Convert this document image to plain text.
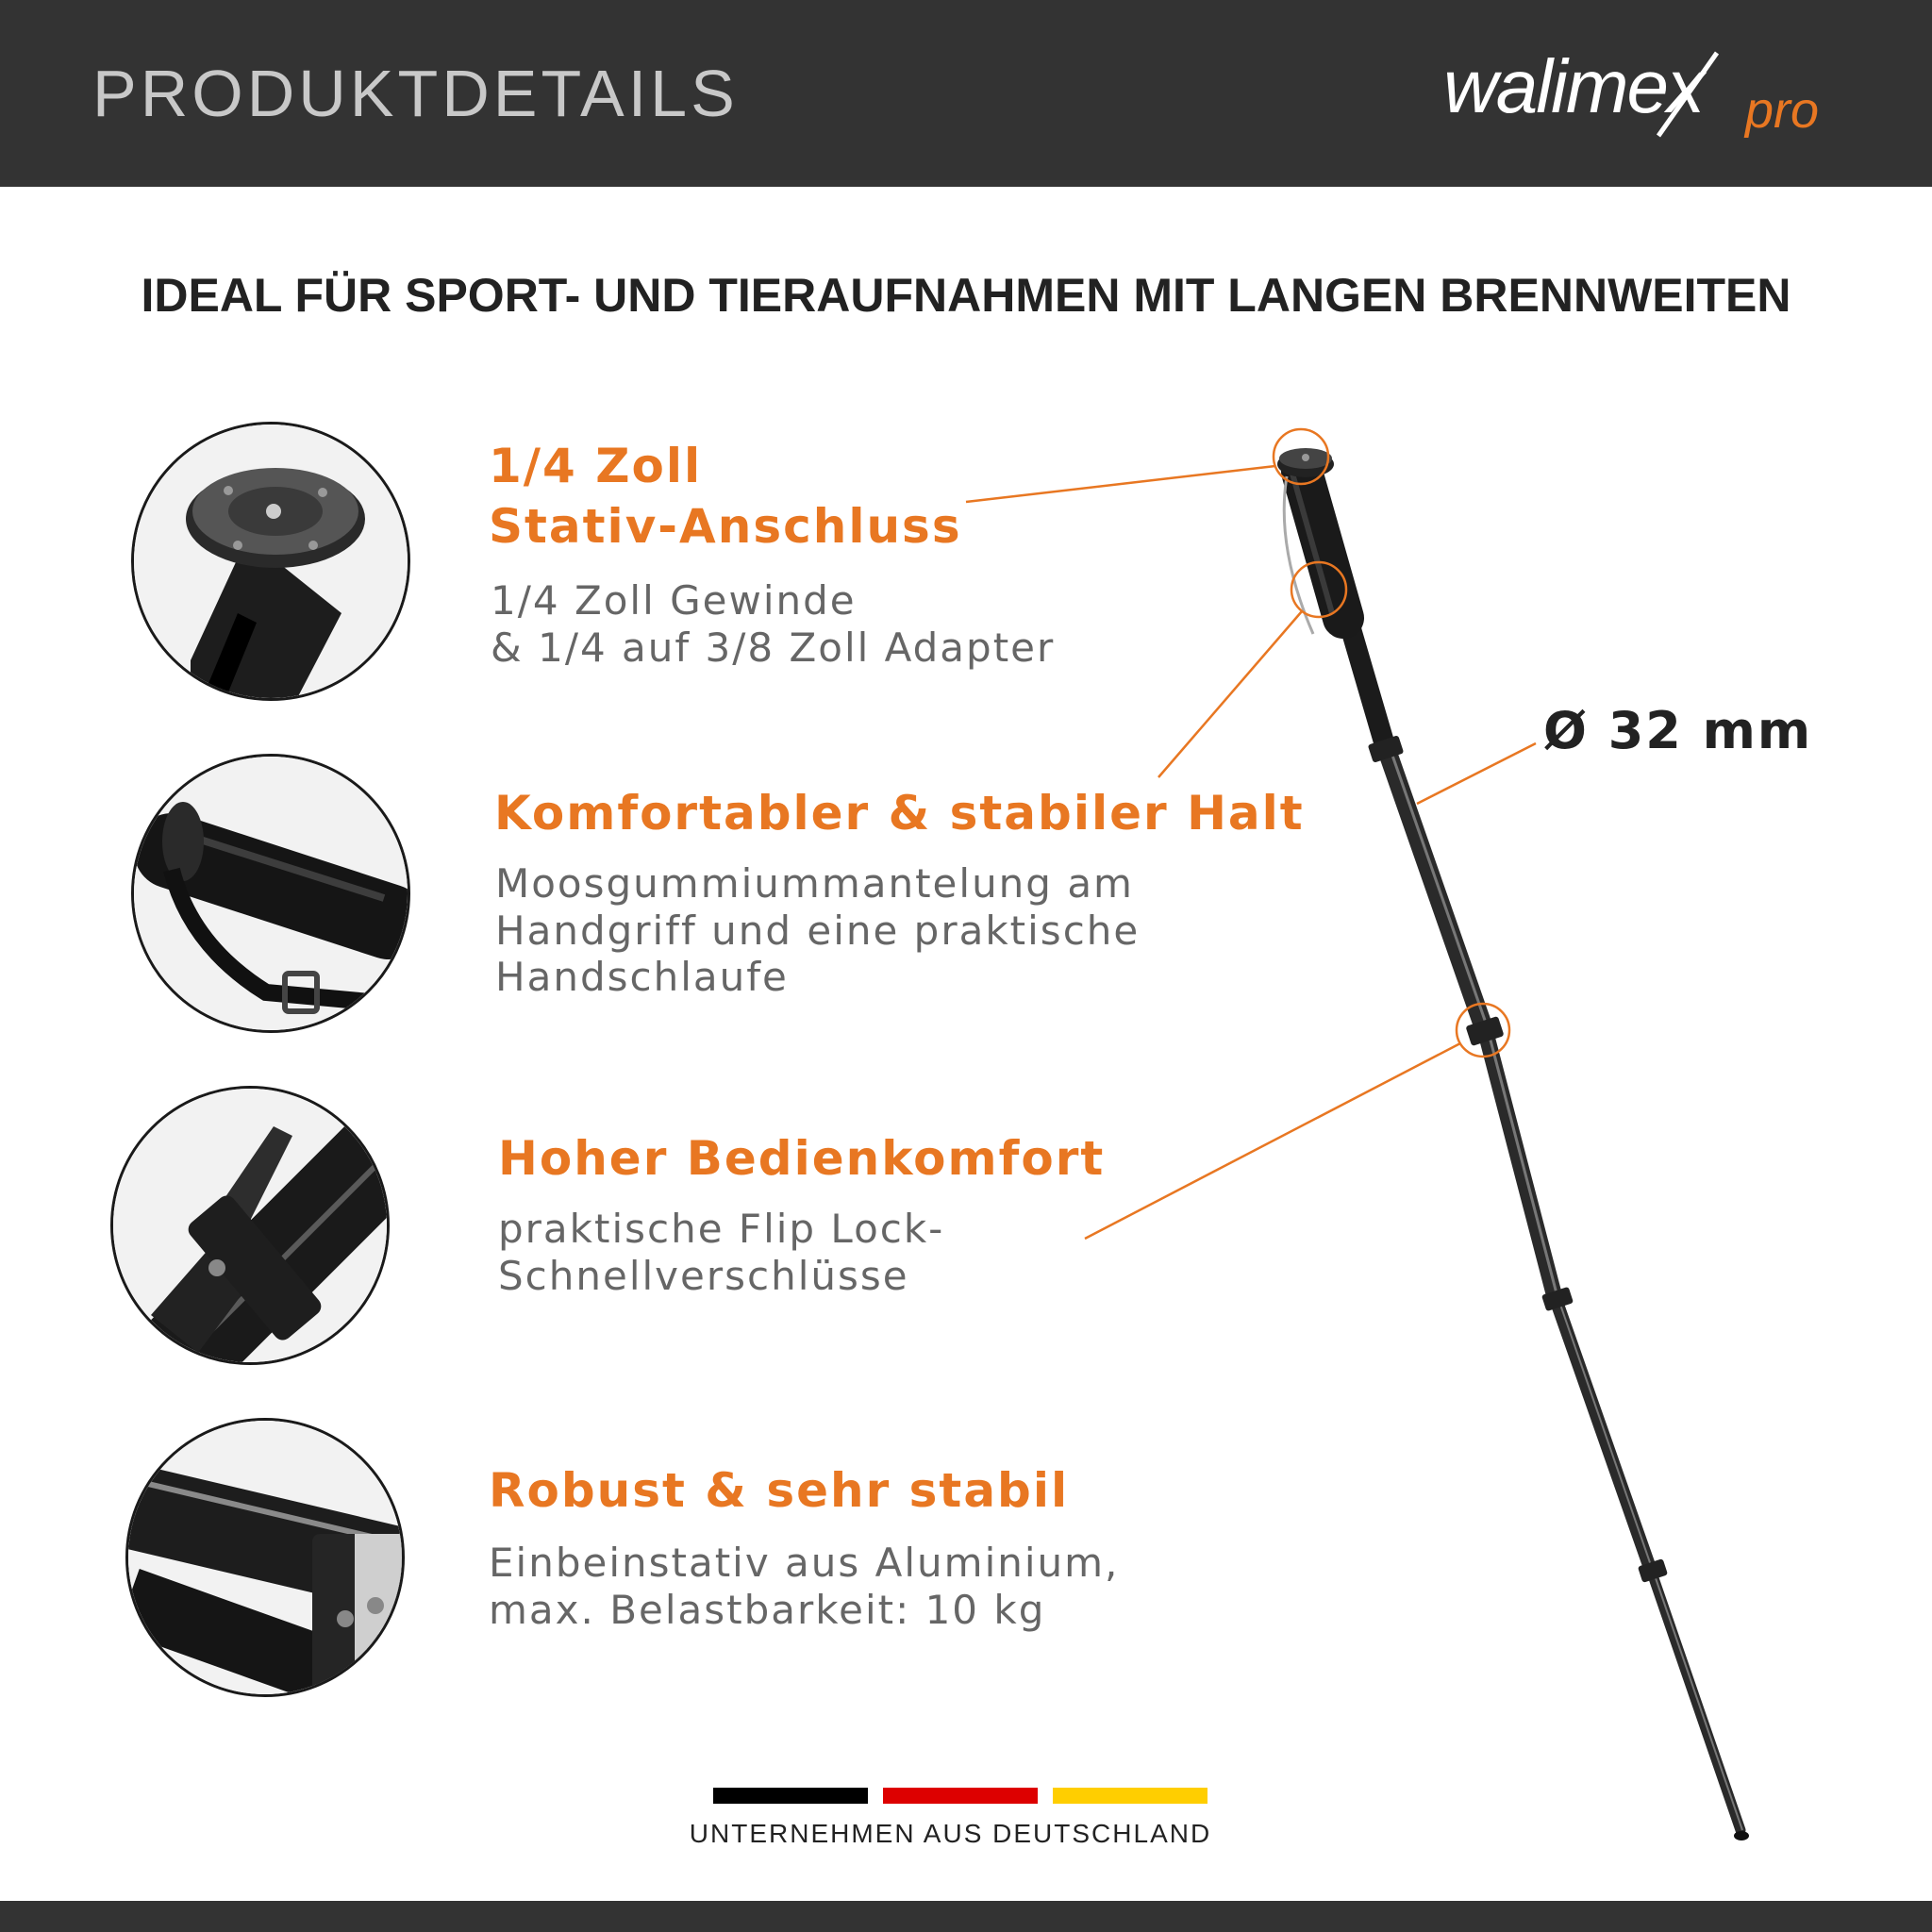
PRODUKTDETAILS	walimex pro
IDEAL FÜR SPORT- UND TIERAUFNAHMEN MIT LANGEN BRENNWEITEN
1/4 Zoll
Stativ-Anschluss
1/4 Zoll Gewinde
& 1/4 auf 3/8 Zoll Adapter
Komfortabler & stabiler Halt
Moosgummiummantelung am
Handgriff und eine praktische
Handschlaufe
Hoher Bedienkomfort
praktische Flip Lock-
Schnellverschlüsse
Robust & sehr stabil
Einbeinstativ aus Aluminium,
max. Belastbarkeit: 10 kg
Ø 32 mm
UNTERNEHMEN AUS DEUTSCHLAND
